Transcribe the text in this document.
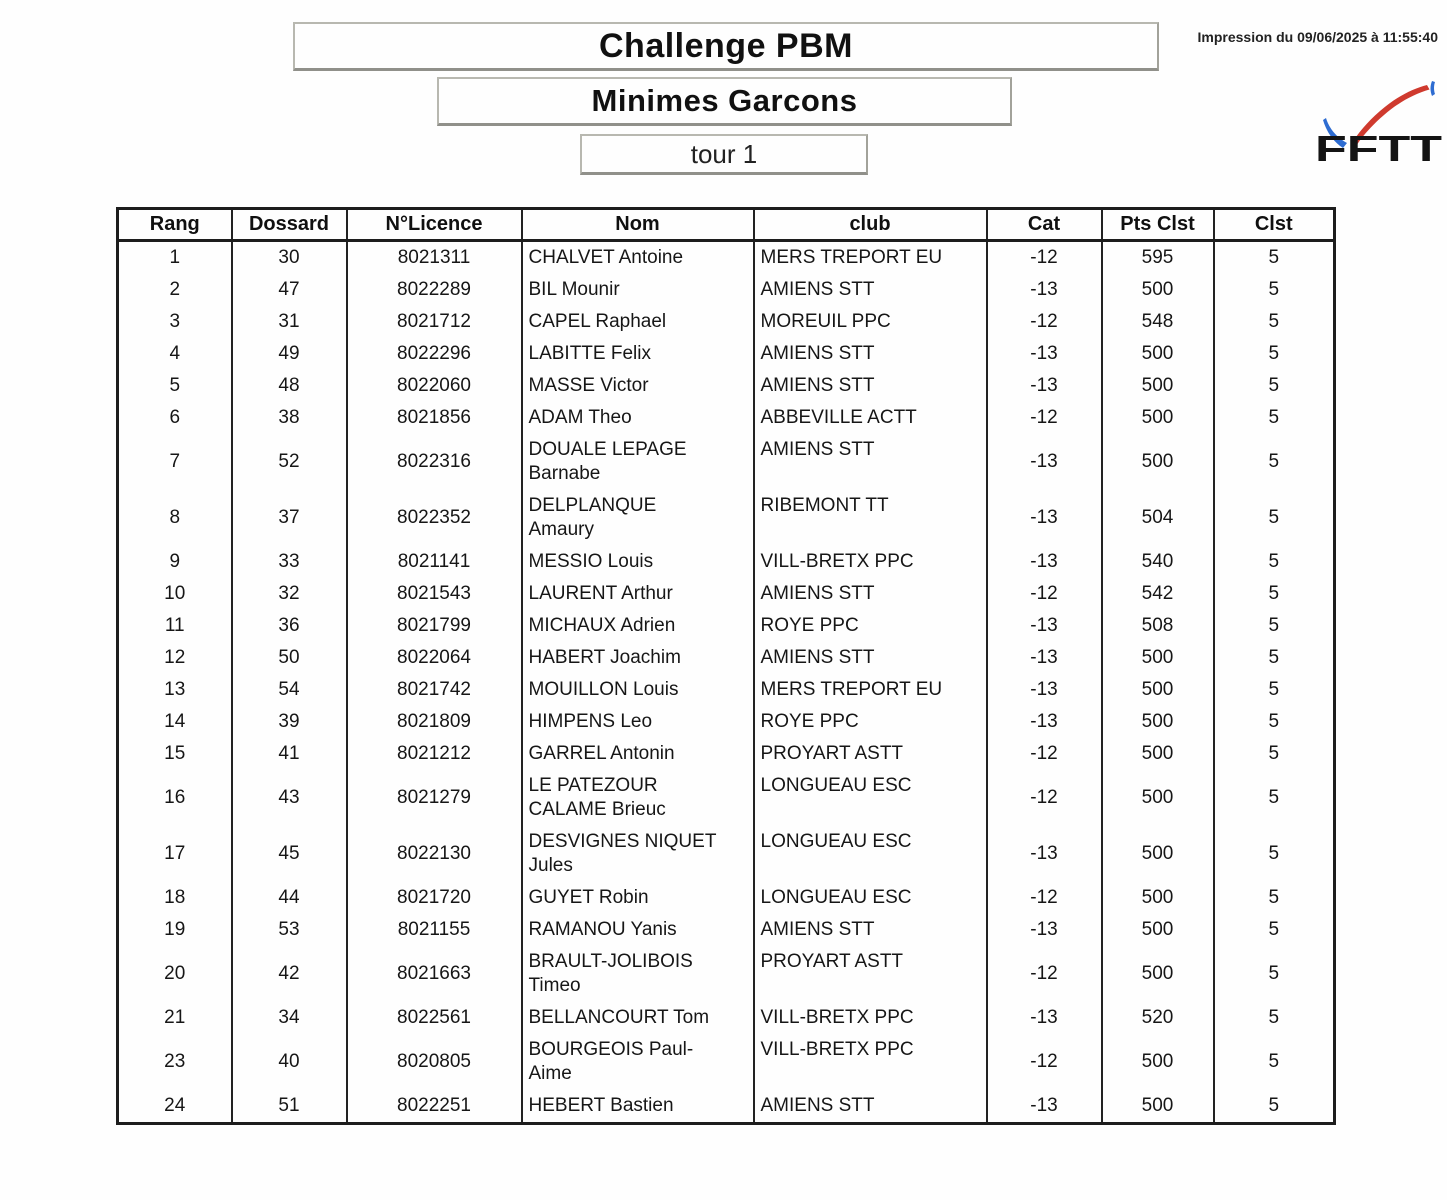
Challenge PBM
Minimes Garcons
tour 1
Impression du 09/06/2025 à 11:55:40
FFTT
Rang	Dossard	N°Licence	Nom	club	Cat	Pts Clst	Clst
1	30	8021311	CHALVET Antoine	MERS TREPORT EU	-12	595	5
2	47	8022289	BIL Mounir	AMIENS STT	-13	500	5
3	31	8021712	CAPEL Raphael	MOREUIL PPC	-12	548	5
4	49	8022296	LABITTE Felix	AMIENS STT	-13	500	5
5	48	8022060	MASSE Victor	AMIENS STT	-13	500	5
6	38	8021856	ADAM Theo	ABBEVILLE ACTT	-12	500	5
7	52	8022316	DOUALE LEPAGE
Barnabe	AMIENS STT	-13	500	5
8	37	8022352	DELPLANQUE
Amaury	RIBEMONT TT	-13	504	5
9	33	8021141	MESSIO Louis	VILL-BRETX PPC	-13	540	5
10	32	8021543	LAURENT Arthur	AMIENS STT	-12	542	5
11	36	8021799	MICHAUX Adrien	ROYE PPC	-13	508	5
12	50	8022064	HABERT Joachim	AMIENS STT	-13	500	5
13	54	8021742	MOUILLON Louis	MERS TREPORT EU	-13	500	5
14	39	8021809	HIMPENS Leo	ROYE PPC	-13	500	5
15	41	8021212	GARREL Antonin	PROYART ASTT	-12	500	5
16	43	8021279	LE PATEZOUR
CALAME Brieuc	LONGUEAU ESC	-12	500	5
17	45	8022130	DESVIGNES NIQUET
Jules	LONGUEAU ESC	-13	500	5
18	44	8021720	GUYET Robin	LONGUEAU ESC	-12	500	5
19	53	8021155	RAMANOU Yanis	AMIENS STT	-13	500	5
20	42	8021663	BRAULT-JOLIBOIS
Timeo	PROYART ASTT	-12	500	5
21	34	8022561	BELLANCOURT Tom	VILL-BRETX PPC	-13	520	5
23	40	8020805	BOURGEOIS Paul-
Aime	VILL-BRETX PPC	-12	500	5
24	51	8022251	HEBERT Bastien	AMIENS STT	-13	500	5
